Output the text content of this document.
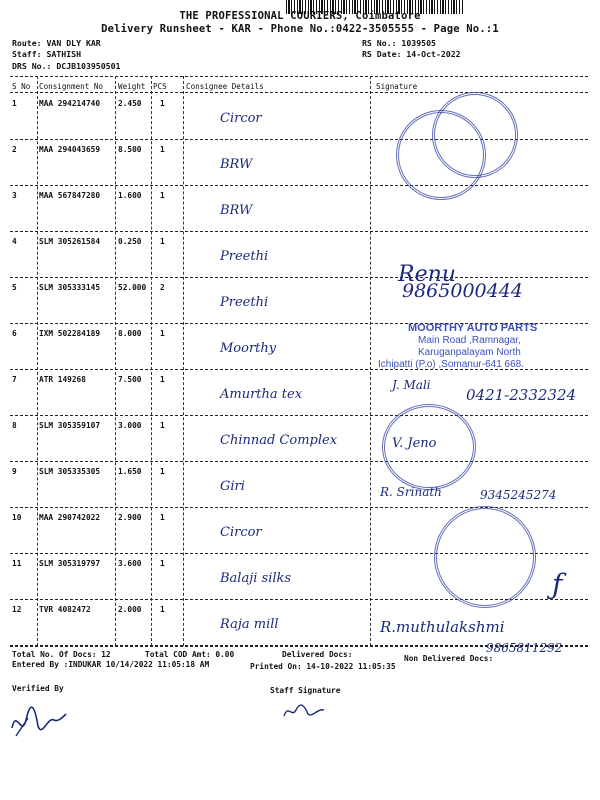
THE PROFESSIONAL COURIERS, Coimbatore
Delivery Runsheet - KAR - Phone No.:0422-3505555 - Page No.:1
Route: VAN DLY KAR
Staff: SATHISH
DRS No.: DCJB103950501
RS No.: 1039505
RS Date: 14-Oct-2022
S No Consignment No Weight PCS	Consignee Details	Signature
1	MAA 294214740 2.450 1
Circor
2	MAA 294043659 8.500 1
BRW
3	MAA 567847280 1.600 1
BRW
4	SLM 305261584 0.250 1
Preethi
5	SLM 305333145 52.000 2
Preethi
6	IXM 502284189 8.000 1
Moorthy
7	ATR 149268	7.500 1
Amurtha tex
8	SLM 305359107 3.000 1
Chinnad Complex
9	SLM 305335305 1.650 1
Giri
10 MAA 290742022 2.900 1
Circor
11 SLM 305319797 3.600 1
Balaji silks
12 TVR 4082472	2.000 1
Raja mill
Renu
9865000444
MOORTHY AUTO PARTS
Main Road ,Ramnagar,
Karuganpalayam North
Ichipatti (P.o) ,Somanur-641 668.
J. Mali
0421-2332324
V. Jeno
R. Srinath	9345245274
ƒ
R.muthulakshmi
9865811292
Total No. Of Docs: 12	Total COD Amt: 0.00	Delivered Docs:	Non Delivered Docs:
Entered By :INDUKAR 10/14/2022 11:05:18 AM	Printed On: 14-10-2022 11:05:35
Verified By	Staff Signature
